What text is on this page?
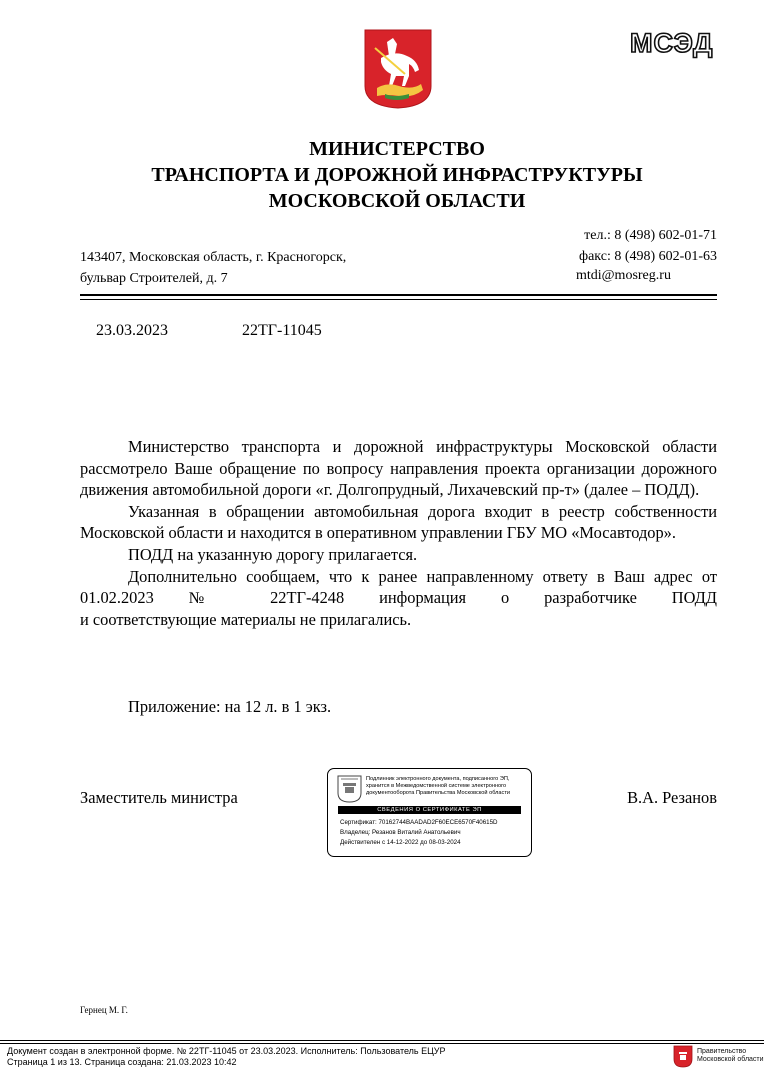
МСЭД
МИНИСТЕРСТВО
ТРАНСПОРТА И ДОРОЖНОЙ ИНФРАСТРУКТУРЫ
МОСКОВСКОЙ ОБЛАСТИ
тел.: 8 (498) 602-01-71
факс: 8 (498) 602-01-63
143407, Московская область, г. Красногорск,
бульвар Строителей, д. 7	mtdi@mosreg.ru
23.03.2023	22ТГ-11045

Министерство транспорта и дорожной инфраструктуры Московской области рассмотрело Ваше обращение по вопросу направления проекта организации дорожного движения автомобильной дороги «г. Долгопрудный, Лихачевский пр-т» (далее – ПОДД).

Указанная в обращении автомобильная дорога входит в реестр собственности Московской области и находится в оперативном управлении ГБУ МО «Мосавтодор».

ПОДД на указанную дорогу прилагается.

Дополнительно сообщаем, что к ранее направленному ответу в Ваш адрес от 01.02.2023 № 22ТГ-4248 информация о разработчике ПОДД

и соответствующие материалы не прилагались.

Приложение: на 12 л. в 1 экз.
Заместитель министра	В.А. Резанов
Подлинник электронного документа, подписанного ЭП, хранится в Межведомственной системе электронного документооборота Правительства Московской области
СВЕДЕНИЯ О СЕРТИФИКАТЕ ЭП
Сертификат: 70162744BAADAD2F60ECE6570F40615D
Владелец: Резанов Виталий Анатольевич
Действителен с 14-12-2022 до 08-03-2024
Гернец М. Г.
Документ создан в электронной форме. № 22ТГ-11045 от 23.03.2023. Исполнитель: Пользователь ЕЦУР
Страница 1 из 13. Страница создана: 21.03.2023 10:42
Правительство
Московской области
